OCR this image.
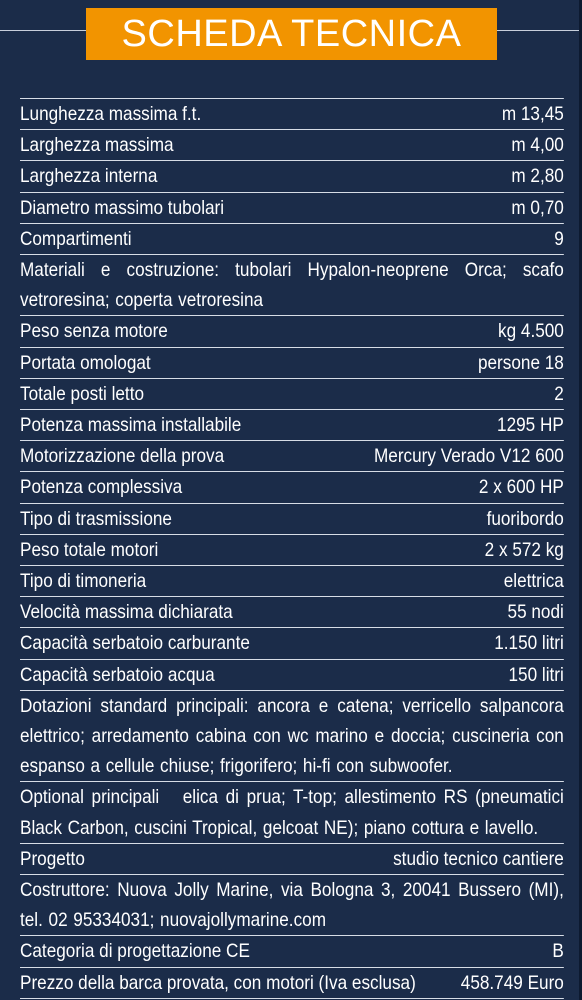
SCHEDA TECNICA
Lunghezza massima f.t.	m 13,45
Larghezza massima	m 4,00
Larghezza interna	m 2,80
Diametro massimo tubolari	m 0,70
Compartimenti	9
Materiali e costruzione: tubolari Hypalon-neoprene Orca; scafo vetroresina; coperta vetroresina
Peso senza motore	kg 4.500
Portata omologat	persone 18
Totale posti letto	2
Potenza massima installabile	1295 HP
Motorizzazione della prova	Mercury Verado V12 600
Potenza complessiva	2 x 600 HP
Tipo di trasmissione	fuoribordo
Peso totale motori	2 x 572 kg
Tipo di timoneria	elettrica
Velocità massima dichiarata	55 nodi
Capacità serbatoio carburante	1.150 litri
Capacità serbatoio acqua	150 litri
Dotazioni standard principali: ancora e catena; verricello salpancora elettrico; arredamento cabina con wc marino e doccia; cuscineria con espanso a cellule chiuse; frigorifero; hi-fi con subwoofer.
Optional principali elica di prua; T-top; allestimento RS (pneumatici Black Carbon, cuscini Tropical, gelcoat NE); piano cottura e lavello.
Progetto	studio tecnico cantiere
Costruttore: Nuova Jolly Marine, via Bologna 3, 20041 Bussero (MI), tel. 02 95334031; nuovajollymarine.com
Categoria di progettazione CE	B
Prezzo della barca provata, con motori (Iva esclusa) 458.749 Euro
